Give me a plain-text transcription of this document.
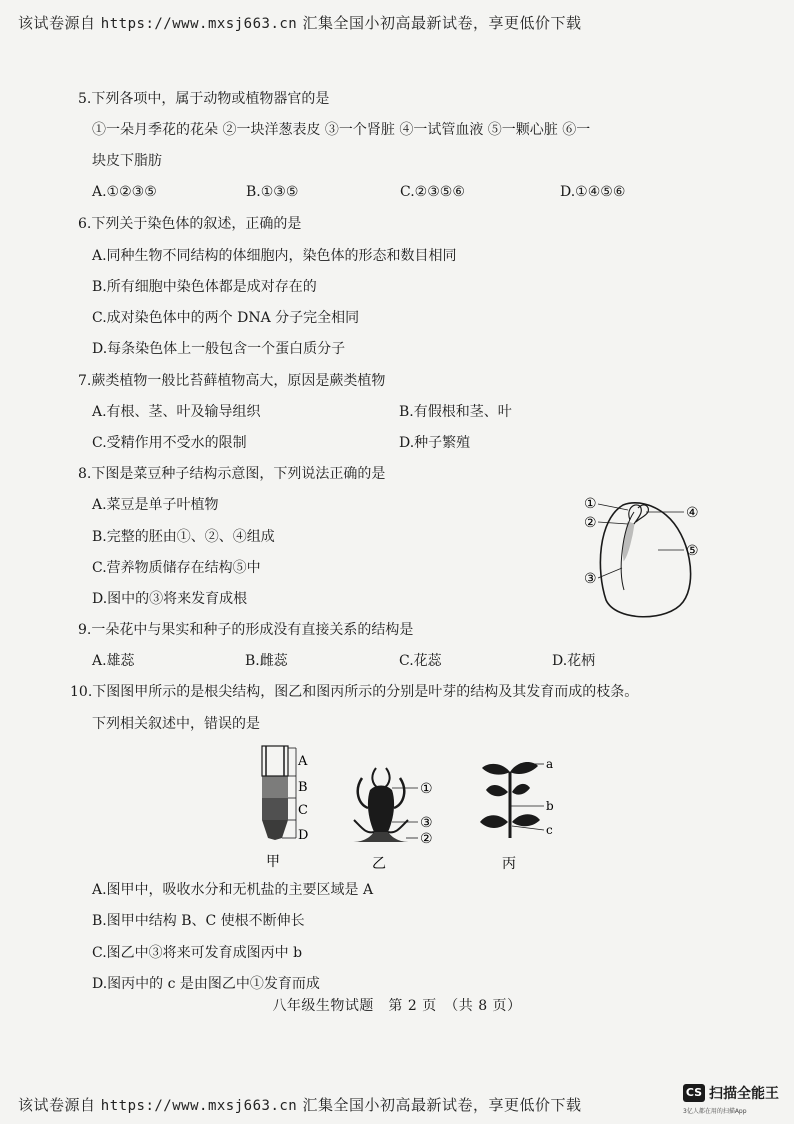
该试卷源自 https://www.mxsj663.cn 汇集全国小初高最新试卷，享更低价下载
5.下列各项中，属于动物或植物器官的是
①一朵月季花的花朵 ②一块洋葱表皮 ③一个肾脏 ④一试管血液 ⑤一颗心脏 ⑥一
块皮下脂肪
A.①②③⑤	B.①③⑤	C.②③⑤⑥	D.①④⑤⑥
6.下列关于染色体的叙述，正确的是
A.同种生物不同结构的体细胞内，染色体的形态和数目相同
B.所有细胞中染色体都是成对存在的
C.成对染色体中的两个 DNA 分子完全相同
D.每条染色体上一般包含一个蛋白质分子
7.蕨类植物一般比苔藓植物高大，原因是蕨类植物
A.有根、茎、叶及输导组织	B.有假根和茎、叶
C.受精作用不受水的限制	D.种子繁殖
8.下图是菜豆种子结构示意图，下列说法正确的是
A.菜豆是单子叶植物
B.完整的胚由①、②、④组成
C.营养物质储存在结构⑤中
D.图中的③将来发育成根
①
②
③
④
⑤
9.一朵花中与果实和种子的形成没有直接关系的结构是
A.雄蕊	B.雌蕊	C.花蕊	D.花柄
10.下图图甲所示的是根尖结构，图乙和图丙所示的分别是叶芽的结构及其发育而成的枝条。
下列相关叙述中，错误的是
A
B
C
D
甲
①
③
②
乙
a
b
c
丙
A.图甲中，吸收水分和无机盐的主要区域是 A
B.图甲中结构 B、C 使根不断伸长
C.图乙中③将来可发育成图丙中 b
D.图丙中的 c 是由图乙中①发育而成
八年级生物试题　第 2 页　（共 8 页）
该试卷源自 https://www.mxsj663.cn 汇集全国小初高最新试卷，享更低价下载
CS 扫描全能王
3亿人都在用的扫描App
